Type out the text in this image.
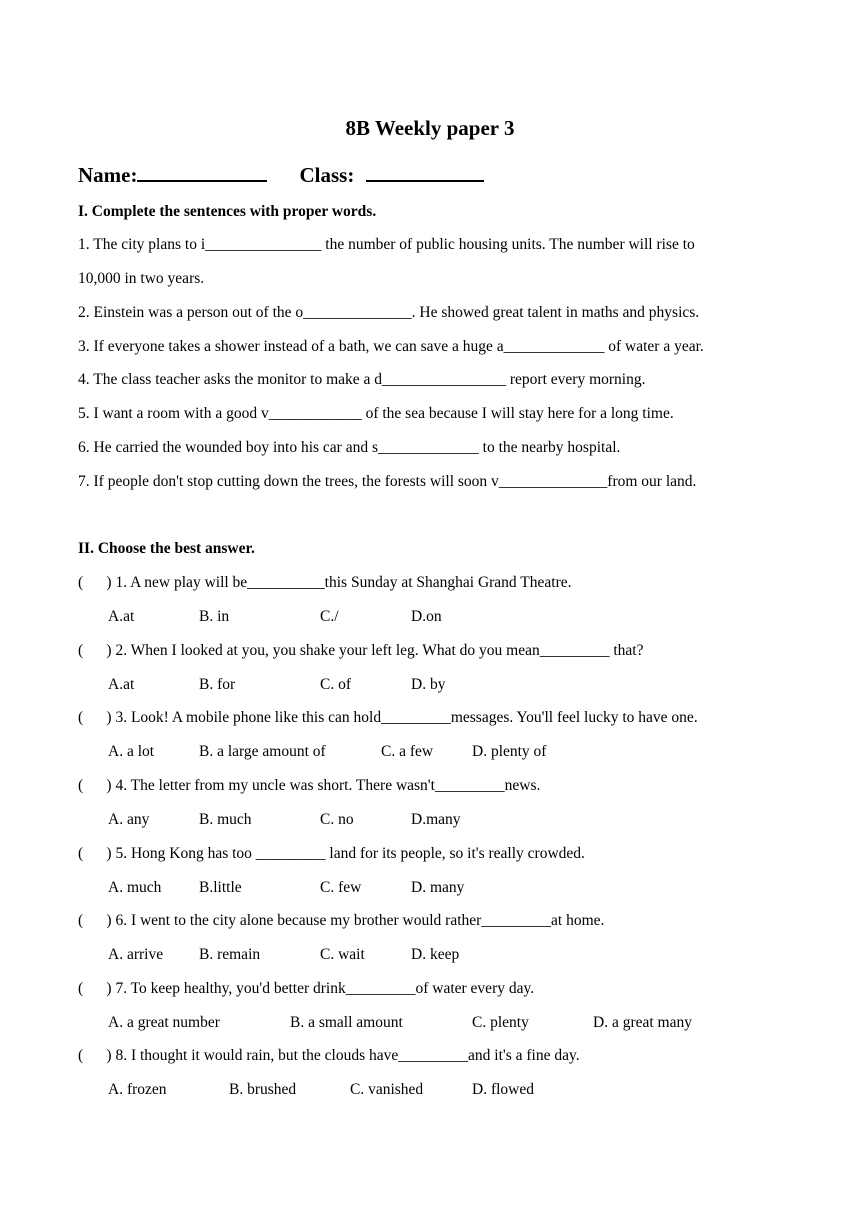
8B Weekly paper 3
Name:	Class:
I. Complete the sentences with proper words.
1. The city plans to i_______________ the number of public housing units. The number will rise to
10,000 in two years.
2. Einstein was a person out of the o______________. He showed great talent in maths and physics.
3. If everyone takes a shower instead of a bath, we can save a huge a_____________ of water a year.
4. The class teacher asks the monitor to make a d________________ report every morning.
5. I want a room with a good v____________ of the sea because I will stay here for a long time.
6. He carried the wounded boy into his car and s_____________ to the nearby hospital.
7. If people don't stop cutting down the trees, the forests will soon v______________from our land.
II. Choose the best answer.
(      ) 1. A new play will be__________this Sunday at Shanghai Grand Theatre.

A.at

	B. in

	C./

	D.on

(      ) 2. When I looked at you, you shake your left leg. What do you mean_________ that?

A.at

	B. for

	C. of

	D. by

(      ) 3. Look! A mobile phone like this can hold_________messages. You'll feel lucky to have one.

A. a lot

	B. a large amount of

	C. a few

	D. plenty of

(      ) 4. The letter from my uncle was short. There wasn't_________news.

A. any

	B. much

	C. no

	D.many

(      ) 5. Hong Kong has too _________ land for its people, so it's really crowded.

A. much

B.little

	C. few

	D. many

(      ) 6. I went to the city alone because my brother would rather_________at home.

A. arrive

B. remain

	C. wait

	D. keep

(      ) 7. To keep healthy, you'd better drink_________of water every day.

A. a great number

	B. a small amount

	C. plenty

	D. a great many

(      ) 8. I thought it would rain, but the clouds have_________and it's a fine day.

A. frozen

	B. brushed

	C. vanished

	D. flowed
